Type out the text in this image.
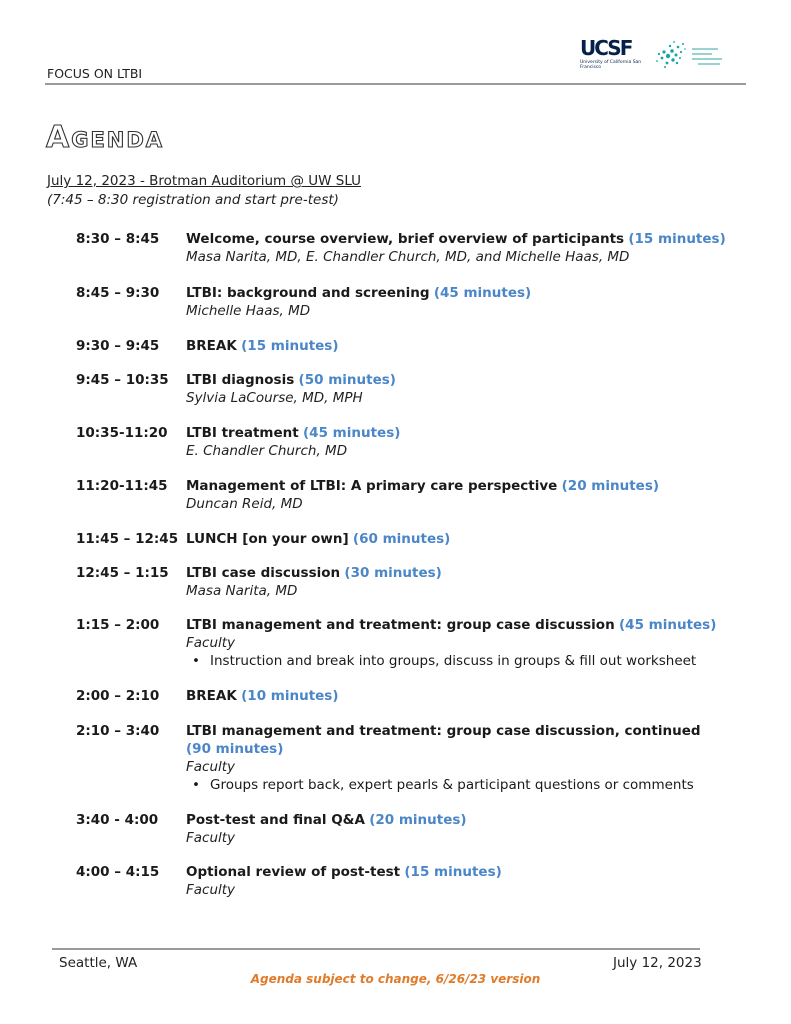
FOCUS ON LTBI
UCSF
University of California San Francisco
Agenda
July 12, 2023 - Brotman Auditorium @ UW SLU
(7:45 – 8:30 registration and start pre-test)
8:30 – 8:45	Welcome, course overview, brief overview of participants (15 minutes)
Masa Narita, MD, E. Chandler Church, MD, and Michelle Haas, MD
8:45 – 9:30	LTBI: background and screening (45 minutes)
Michelle Haas, MD
9:30 – 9:45	BREAK (15 minutes)
9:45 – 10:35	LTBI diagnosis (50 minutes)
Sylvia LaCourse, MD, MPH
10:35-11:20	LTBI treatment (45 minutes)
E. Chandler Church, MD
11:20-11:45	Management of LTBI: A primary care perspective (20 minutes)
Duncan Reid, MD
11:45 – 12:45 LUNCH [on your own] (60 minutes)
12:45 – 1:15	LTBI case discussion (30 minutes)
Masa Narita, MD
1:15 – 2:00	LTBI management and treatment: group case discussion (45 minutes)
Faculty
• Instruction and break into groups, discuss in groups & fill out worksheet
2:00 – 2:10	BREAK (10 minutes)
2:10 – 3:40	LTBI management and treatment: group case discussion, continued
(90 minutes)
Faculty
• Groups report back, expert pearls & participant questions or comments
3:40 - 4:00	Post-test and final Q&A (20 minutes)
Faculty
4:00 – 4:15	Optional review of post-test (15 minutes)
Faculty
Seattle, WA	July 12, 2023
Agenda subject to change, 6/26/23 version
